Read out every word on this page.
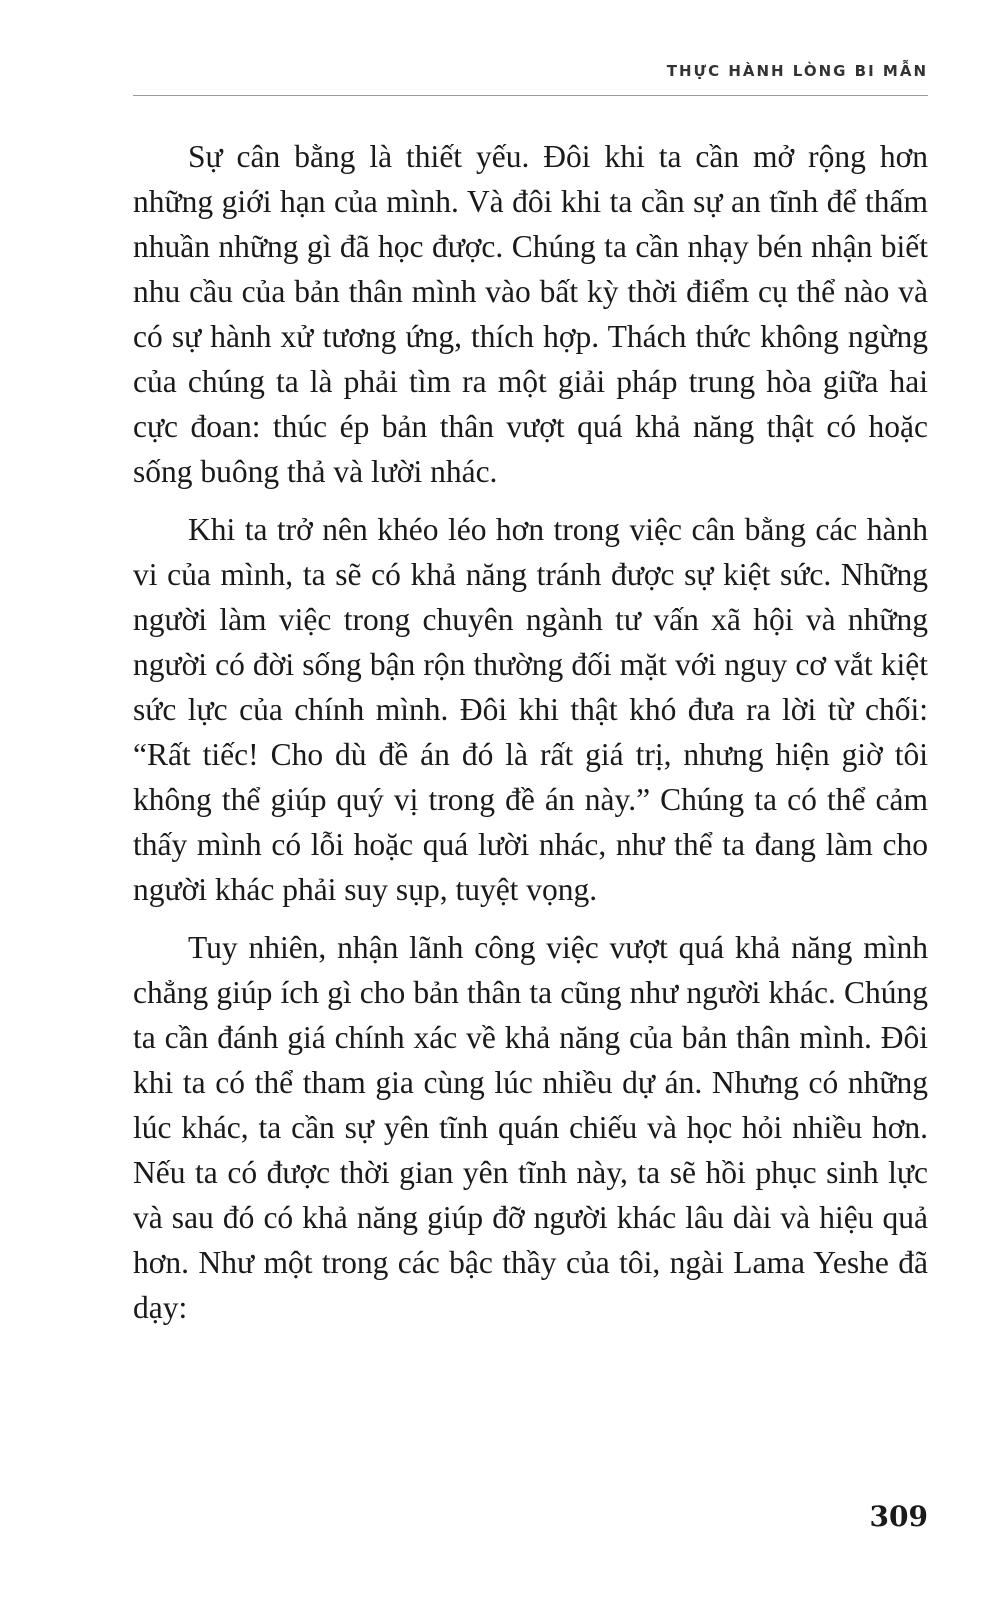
THỰC HÀNH LÒNG BI MẪN

Sự cân bằng là thiết yếu. Đôi khi ta cần mở rộng hơn những giới hạn của mình. Và đôi khi ta cần sự an tĩnh để thấm nhuần những gì đã học được. Chúng ta cần nhạy bén nhận biết nhu cầu của bản thân mình vào bất kỳ thời điểm cụ thể nào và có sự hành xử tương ứng, thích hợp. Thách thức không ngừng của chúng ta là phải tìm ra một giải pháp trung hòa giữa hai cực đoan: thúc ép bản thân vượt quá khả năng thật có hoặc sống buông thả và lười nhác.

Khi ta trở nên khéo léo hơn trong việc cân bằng các hành vi của mình, ta sẽ có khả năng tránh được sự kiệt sức. Những người làm việc trong chuyên ngành tư vấn xã hội và những người có đời sống bận rộn thường đối mặt với nguy cơ vắt kiệt sức lực của chính mình. Đôi khi thật khó đưa ra lời từ chối: “Rất tiếc! Cho dù đề án đó là rất giá trị, nhưng hiện giờ tôi không thể giúp quý vị trong đề án này.” Chúng ta có thể cảm thấy mình có lỗi hoặc quá lười nhác, như thể ta đang làm cho người khác phải suy sụp, tuyệt vọng.

Tuy nhiên, nhận lãnh công việc vượt quá khả năng mình chẳng giúp ích gì cho bản thân ta cũng như người khác. Chúng ta cần đánh giá chính xác về khả năng của bản thân mình. Đôi khi ta có thể tham gia cùng lúc nhiều dự án. Nhưng có những lúc khác, ta cần sự yên tĩnh quán chiếu và học hỏi nhiều hơn. Nếu ta có được thời gian yên tĩnh này, ta sẽ hồi phục sinh lực và sau đó có khả năng giúp đỡ người khác lâu dài và hiệu quả hơn. Như một trong các bậc thầy của tôi, ngài Lama Yeshe đã dạy:

309
